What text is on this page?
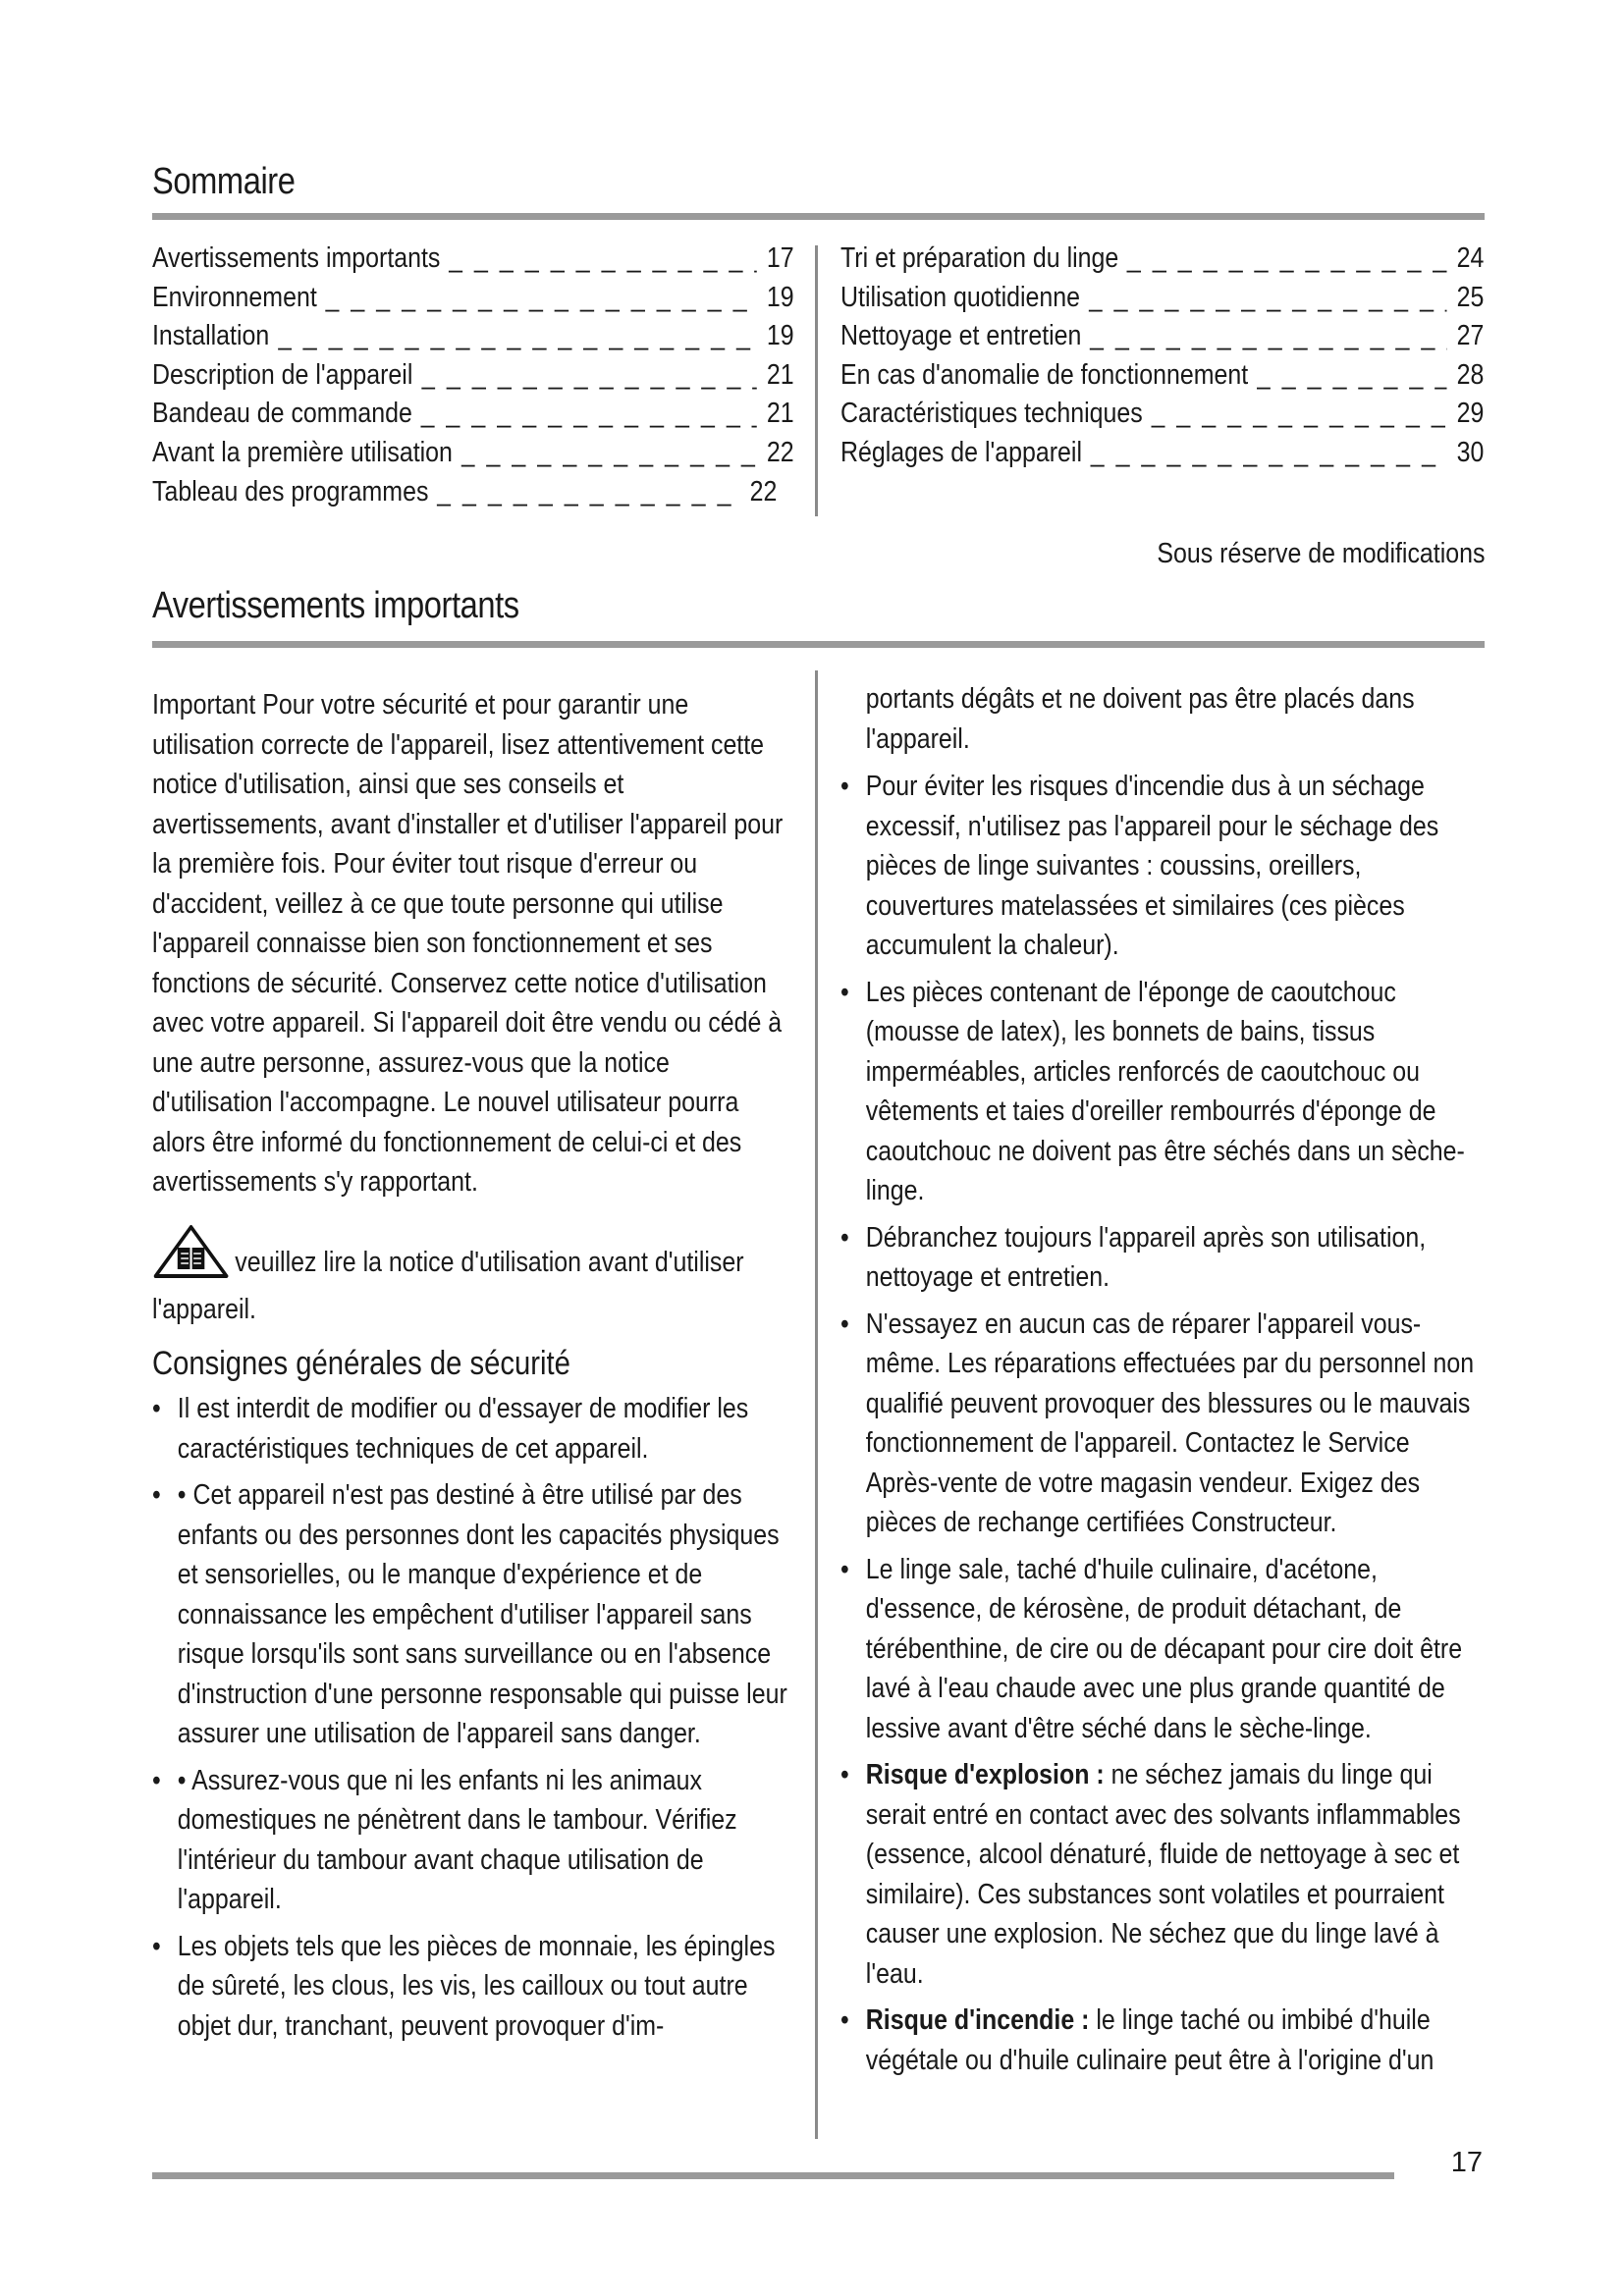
Sommaire
Avertissements importants _ _ _	17
Environnement _ _ _	19
Installation _ _ _	19
Description de l'appareil _ _ _	21
Bandeau de commande _ _ _	21
Avant la première utilisation _ _ _	22
Tableau des programmes _ _ _	22
Tri et préparation du linge _ _ _	24
Utilisation quotidienne _ _ _	25
Nettoyage et entretien _ _ _	27
En cas d'anomalie de fonctionnement _ _ _	28
Caractéristiques techniques _ _ _	29
Réglages de l'appareil _ _ _	30
Sous réserve de modifications
Avertissements importants

Important Pour votre sécurité et pour garantir une utilisation correcte de l'appareil, lisez attentivement cette notice d'utilisation, ainsi que ses conseils et avertissements, avant d'installer et d'utiliser l'appareil pour la première fois. Pour éviter tout risque d'erreur ou d'accident, veillez à ce que toute personne qui utilise l'appareil connaisse bien son fonctionnement et ses fonctions de sécurité. Conservez cette notice d'utilisation avec votre appareil. Si l'appareil doit être vendu ou cédé à une autre personne, assurez-vous que la notice d'utilisation l'accompagne. Le nouvel utilisateur pourra alors être informé du fonctionnement de celui-ci et des avertissements s'y rapportant.

veuillez lire la notice d'utilisation avant d'utiliser l'appareil.
Consignes générales de sécurité
• Il est interdit de modifier ou d'essayer de modifier les caractéristiques techniques de cet appareil.
• • Cet appareil n'est pas destiné à être utilisé par des enfants ou des personnes dont les capacités physiques et sensorielles, ou le manque d'expérience et de connaissance les empêchent d'utiliser l'appareil sans risque lorsqu'ils sont sans surveillance ou en l'absence d'instruction d'une personne responsable qui puisse leur assurer une utilisation de l'appareil sans danger.
• • Assurez-vous que ni les enfants ni les animaux domestiques ne pénètrent dans le tambour. Vérifiez l'intérieur du tambour avant chaque utilisation de l'appareil.
• Les objets tels que les pièces de monnaie, les épingles de sûreté, les clous, les vis, les cailloux ou tout autre objet dur, tranchant, peuvent provoquer d'im-
portants dégâts et ne doivent pas être placés dans l'appareil.
• Pour éviter les risques d'incendie dus à un séchage excessif, n'utilisez pas l'appareil pour le séchage des pièces de linge suivantes : coussins, oreillers, couvertures matelassées et similaires (ces pièces accumulent la chaleur).
• Les pièces contenant de l'éponge de caoutchouc (mousse de latex), les bonnets de bains, tissus imperméables, articles renforcés de caoutchouc ou vêtements et taies d'oreiller rembourrés d'éponge de caoutchouc ne doivent pas être séchés dans un sèche-linge.
• Débranchez toujours l'appareil après son utilisation, nettoyage et entretien.
• N'essayez en aucun cas de réparer l'appareil vous-même. Les réparations effectuées par du personnel non qualifié peuvent provoquer des blessures ou le mauvais fonctionnement de l'appareil. Contactez le Service Après-vente de votre magasin vendeur. Exigez des pièces de rechange certifiées Constructeur.
• Le linge sale, taché d'huile culinaire, d'acétone, d'essence, de kérosène, de produit détachant, de térébenthine, de cire ou de décapant pour cire doit être lavé à l'eau chaude avec une plus grande quantité de lessive avant d'être séché dans le sèche-linge.
• Risque d'explosion : ne séchez jamais du linge qui serait entré en contact avec des solvants inflammables (essence, alcool dénaturé, fluide de nettoyage à sec et similaire). Ces substances sont volatiles et pourraient causer une explosion. Ne séchez que du linge lavé à l'eau.
• Risque d'incendie : le linge taché ou imbibé d'huile végétale ou d'huile culinaire peut être à l'origine d'un
17
